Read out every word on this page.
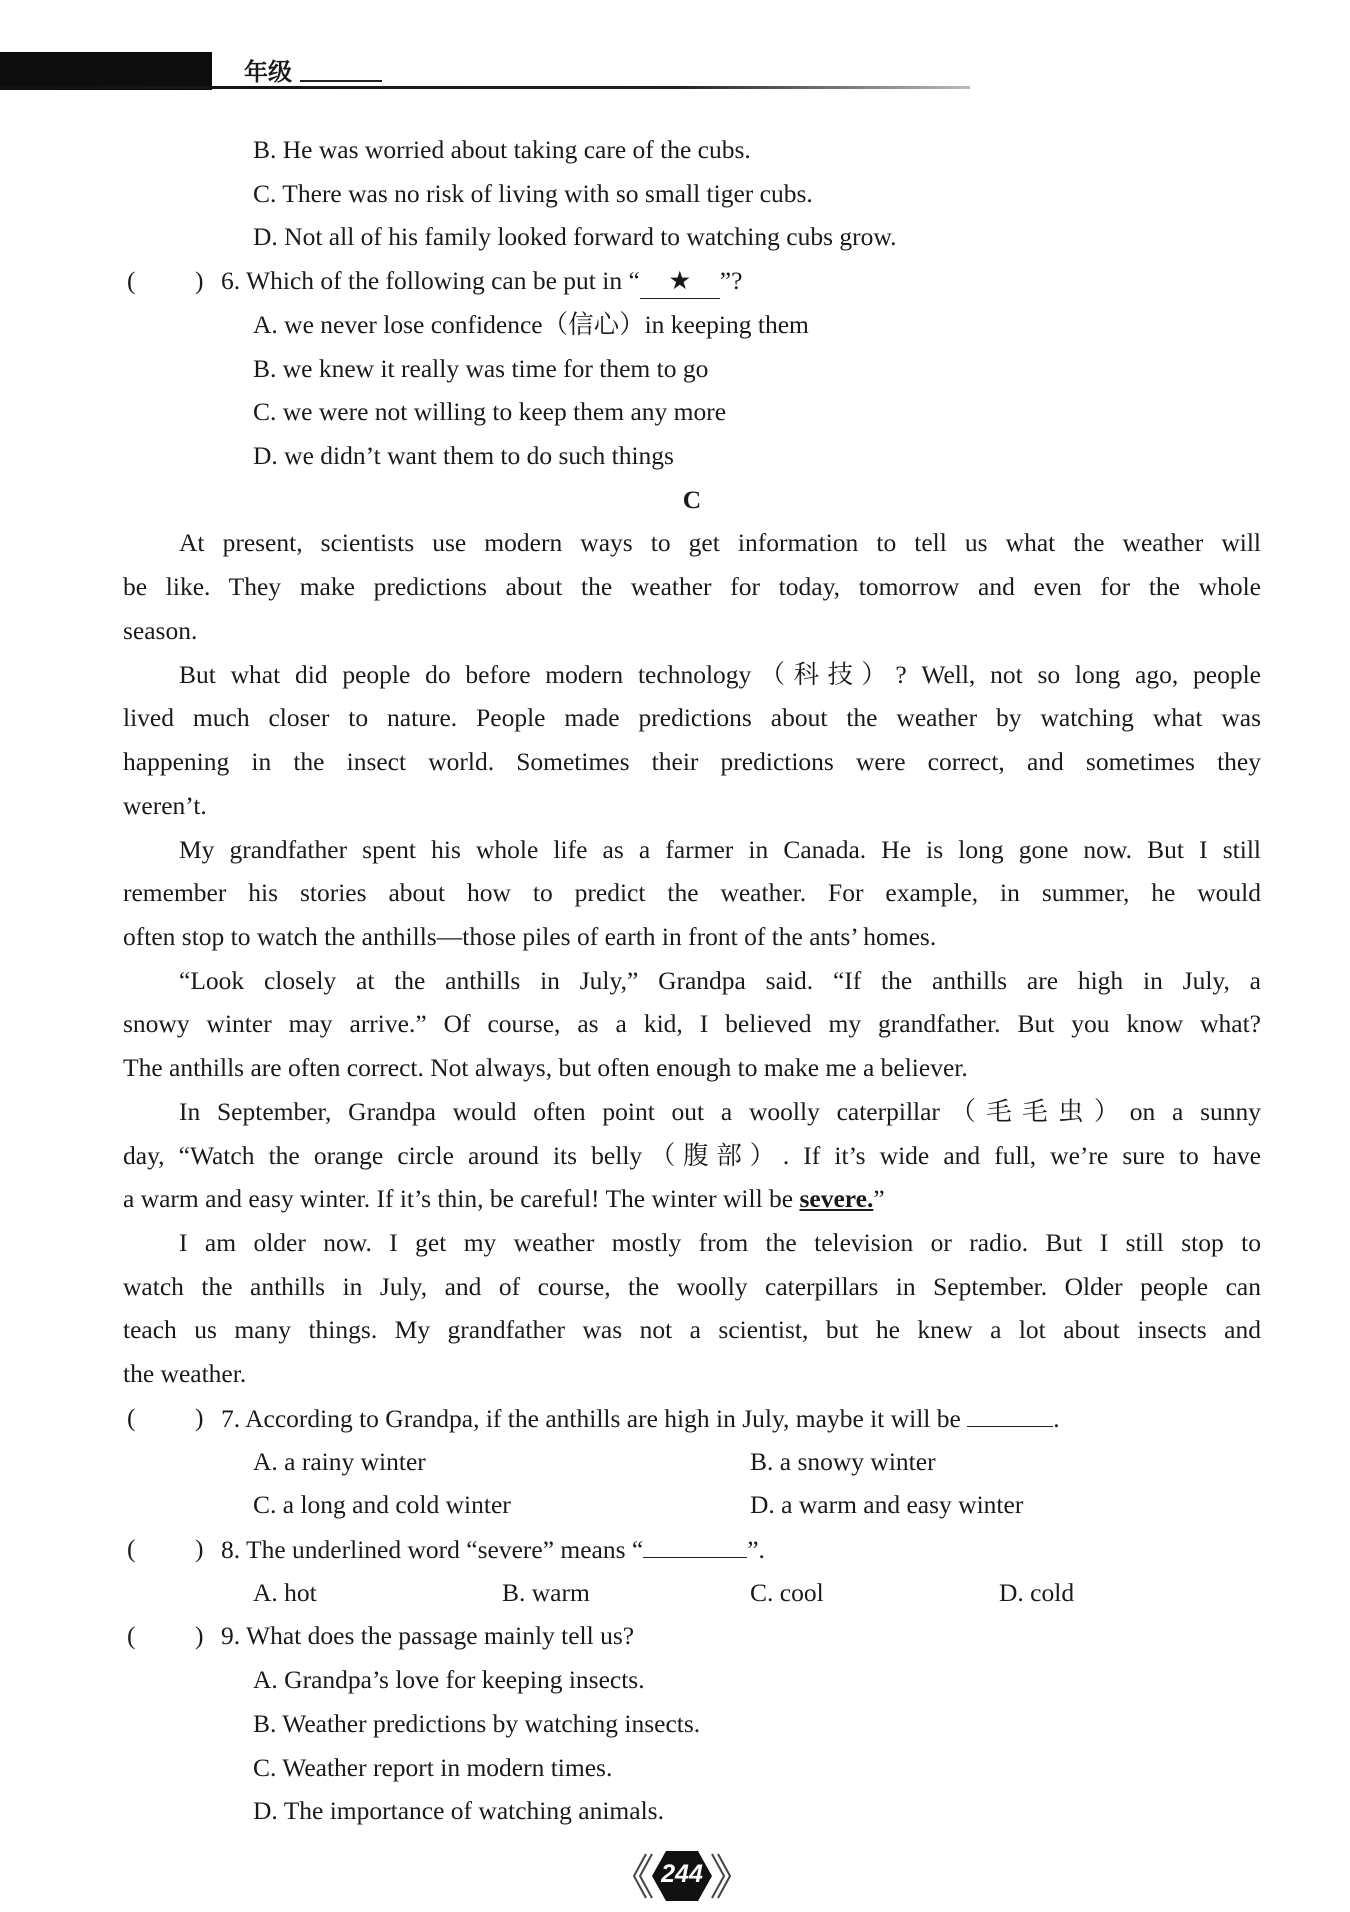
年级
B. He was worried about taking care of the cubs.
C. There was no risk of living with so small tiger cubs.
D. Not all of his family looked forward to watching cubs grow.
( ) 6. Which of the following can be put in “ ★ ”?
A. we never lose confidence（信心）in keeping them
B. we knew it really was time for them to go
C. we were not willing to keep them any more
D. we didn’t want them to do such things
C
At present, scientists use modern ways to get information to tell us what the weather will
be like. They make predictions about the weather for today, tomorrow and even for the whole
season.
But what did people do before modern technology（科技）? Well, not so long ago, people
lived much closer to nature. People made predictions about the weather by watching what was
happening in the insect world. Sometimes their predictions were correct, and sometimes they
weren’t.
My grandfather spent his whole life as a farmer in Canada. He is long gone now. But I still
remember his stories about how to predict the weather. For example, in summer, he would
often stop to watch the anthills—those piles of earth in front of the ants’ homes.
“Look closely at the anthills in July,” Grandpa said. “If the anthills are high in July, a
snowy winter may arrive.” Of course, as a kid, I believed my grandfather. But you know what?
The anthills are often correct. Not always, but often enough to make me a believer.
In September, Grandpa would often point out a woolly caterpillar（毛毛虫）on a sunny
day, “Watch the orange circle around its belly（腹部）. If it’s wide and full, we’re sure to have
a warm and easy winter. If it’s thin, be careful! The winter will be severe.”
I am older now. I get my weather mostly from the television or radio. But I still stop to
watch the anthills in July, and of course, the woolly caterpillars in September. Older people can
teach us many things. My grandfather was not a scientist, but he knew a lot about insects and
the weather.
( ) 7. According to Grandpa, if the anthills are high in July, maybe it will be	.
A. a rainy winter	B. a snowy winter
C. a long and cold winter	D. a warm and easy winter
( ) 8. The underlined word “severe” means “	”.
A. hot	B. warm	C. cool	D. cold
( ) 9. What does the passage mainly tell us?
A. Grandpa’s love for keeping insects.
B. Weather predictions by watching insects.
C. Weather report in modern times.
D. The importance of watching animals.
244
